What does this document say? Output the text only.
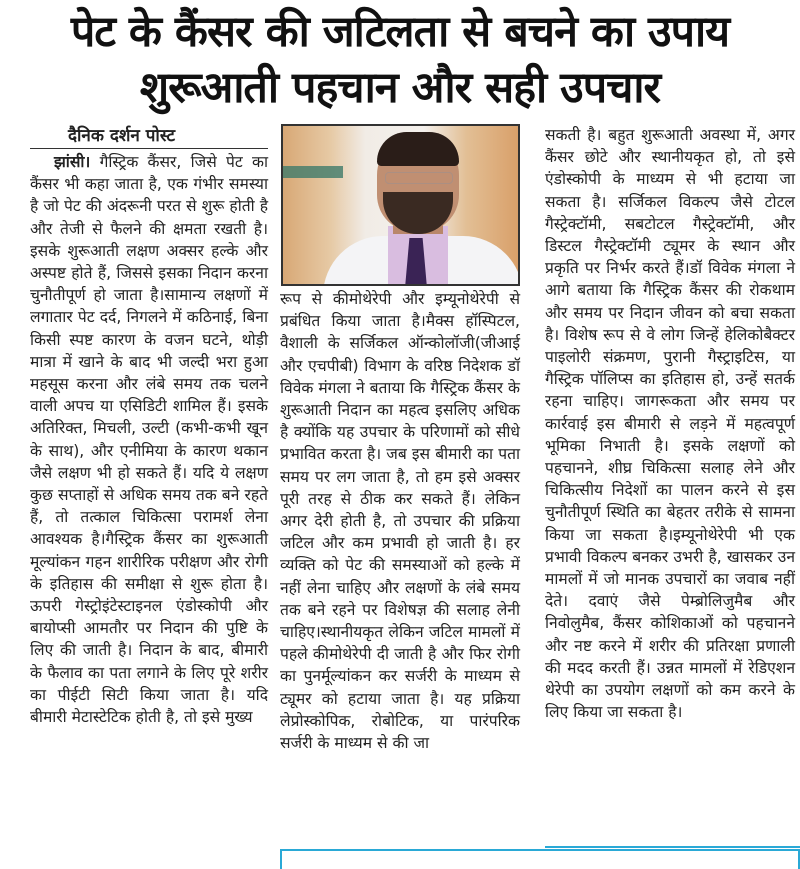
पेट के कैंसर की जटिलता से बचने का उपाय
शुरूआती पहचान और सही उपचार
दैनिक दर्शन पोस्ट

झांसी। गैस्ट्रिक कैंसर, जिसे पेट का कैंसर भी कहा जाता है, एक गंभीर समस्या है जो पेट की अंदरूनी परत से शुरू होती है और तेजी से फैलने की क्षमता रखती है। इसके शुरूआती लक्षण अक्सर हल्के और अस्पष्ट होते हैं, जिससे इसका निदान करना चुनौतीपूर्ण हो जाता है।सामान्य लक्षणों में लगातार पेट दर्द, निगलने में कठिनाई, बिना किसी स्पष्ट कारण के वजन घटने, थोड़ी मात्रा में खाने के बाद भी जल्दी भरा हुआ महसूस करना और लंबे समय तक चलने वाली अपच या एसिडिटी शामिल हैं। इसके अतिरिक्त, मिचली, उल्टी (कभी-कभी खून के साथ), और एनीमिया के कारण थकान जैसे लक्षण भी हो सकते हैं। यदि ये लक्षण कुछ सप्ताहों से अधिक समय तक बने रहते हैं, तो तत्काल चिकित्सा परामर्श लेना आवश्यक है।गैस्ट्रिक कैंसर का शुरूआती मूल्यांकन गहन शारीरिक परीक्षण और रोगी के इतिहास की समीक्षा से शुरू होता है। ऊपरी गेस्ट्रोइंटेस्टाइनल एंडोस्कोपी और बायोप्सी आमतौर पर निदान की पुष्टि के लिए की जाती है। निदान के बाद, बीमारी के फैलाव का पता लगाने के लिए पूरे शरीर का पीईटी सिटी किया जाता है। यदि बीमारी मेटास्टेटिक होती है, तो इसे मुख्य

रूप से कीमोथेरेपी और इम्यूनोथेरेपी से प्रबंधित किया जाता है।मैक्स हॉस्पिटल, वैशाली के सर्जिकल ऑन्कोलॉजी(जीआई और एचपीबी) विभाग के वरिष्ठ निदेशक डॉ विवेक मंगला ने बताया कि गैस्ट्रिक कैंसर के शुरूआती निदान का महत्व इसलिए अधिक है क्योंकि यह उपचार के परिणामों को सीधे प्रभावित करता है। जब इस बीमारी का पता समय पर लग जाता है, तो हम इसे अक्सर पूरी तरह से ठीक कर सकते हैं। लेकिन अगर देरी होती है, तो उपचार की प्रक्रिया जटिल और कम प्रभावी हो जाती है। हर व्यक्ति को पेट की समस्याओं को हल्के में नहीं लेना चाहिए और लक्षणों के लंबे समय तक बने रहने पर विशेषज्ञ की सलाह लेनी चाहिए।स्थानीयकृत लेकिन जटिल मामलों में पहले कीमोथेरेपी दी जाती है और फिर रोगी का पुनर्मूल्यांकन कर सर्जरी के माध्यम से ट्यूमर को हटाया जाता है। यह प्रक्रिया लेप्रोस्कोपिक, रोबोटिक, या पारंपरिक सर्जरी के माध्यम से की जा

सकती है। बहुत शुरूआती अवस्था में, अगर कैंसर छोटे और स्थानीयकृत हो, तो इसे एंडोस्कोपी के माध्यम से भी हटाया जा सकता है। सर्जिकल विकल्प जैसे टोटल गैस्ट्रेक्टॉमी, सबटोटल गैस्ट्रेक्टॉमी, और डिस्टल गैस्ट्रेक्टॉमी ट्यूमर के स्थान और प्रकृति पर निर्भर करते हैं।डॉ विवेक मंगला ने आगे बताया कि गैस्ट्रिक कैंसर की रोकथाम और समय पर निदान जीवन को बचा सकता है। विशेष रूप से वे लोग जिन्हें हेलिकोबैक्टर पाइलोरी संक्रमण, पुरानी गैस्ट्राइटिस, या गैस्ट्रिक पॉलिप्स का इतिहास हो, उन्हें सतर्क रहना चाहिए। जागरूकता और समय पर कार्रवाई इस बीमारी से लड़ने में महत्वपूर्ण भूमिका निभाती है। इसके लक्षणों को पहचानने, शीघ्र चिकित्सा सलाह लेने और चिकित्सीय निदेशों का पालन करने से इस चुनौतीपूर्ण स्थिति का बेहतर तरीके से सामना किया जा सकता है।इम्यूनोथेरेपी भी एक प्रभावी विकल्प बनकर उभरी है, खासकर उन मामलों में जो मानक उपचारों का जवाब नहीं देते। दवाएं जैसे पेम्ब्रोलिजुमैब और निवोलुमैब, कैंसर कोशिकाओं को पहचानने और नष्ट करने में शरीर की प्रतिरक्षा प्रणाली की मदद करती हैं। उन्नत मामलों में रेडिएशन थेरेपी का उपयोग लक्षणों को कम करने के लिए किया जा सकता है।
